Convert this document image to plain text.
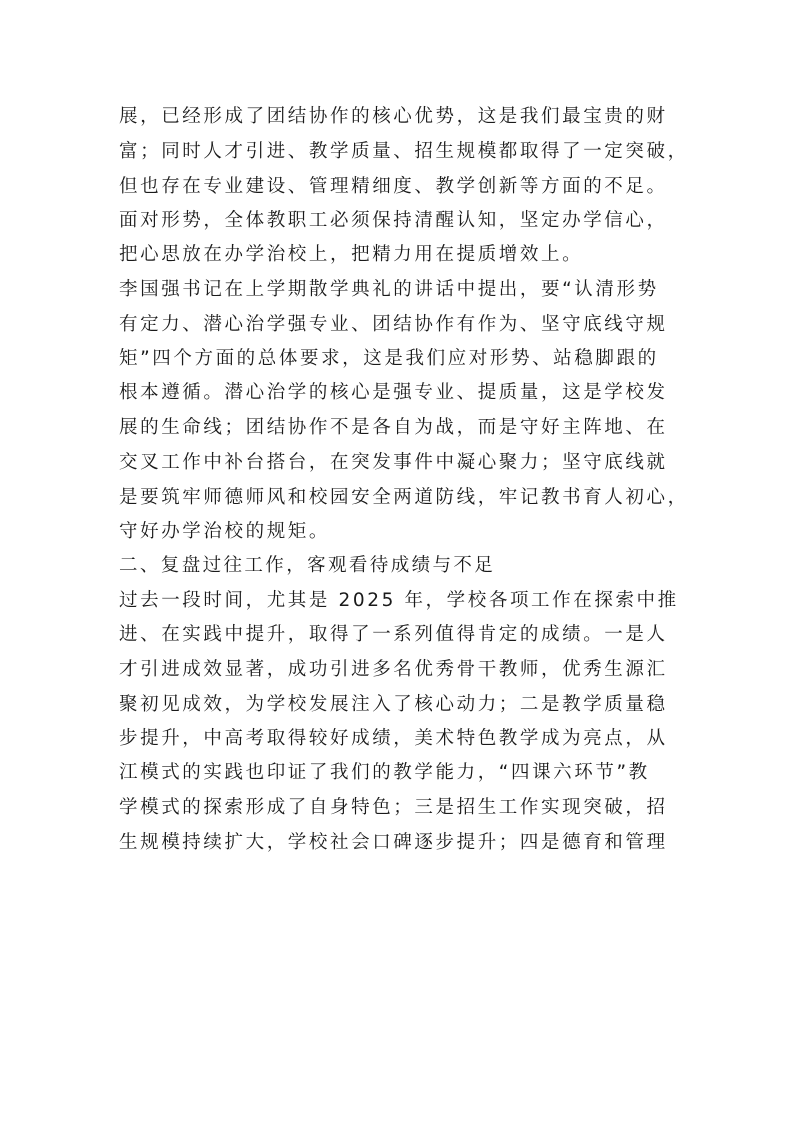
展，已经形成了团结协作的核心优势，这是我们最宝贵的财
富；同时人才引进、教学质量、招生规模都取得了一定突破，
但也存在专业建设、管理精细度、教学创新等方面的不足。
面对形势，全体教职工必须保持清醒认知，坚定办学信心，
把心思放在办学治校上，把精力用在提质增效上。
李国强书记在上学期散学典礼的讲话中提出，要“认清形势
有定力、潜心治学强专业、团结协作有作为、坚守底线守规
矩”四个方面的总体要求，这是我们应对形势、站稳脚跟的
根本遵循。潜心治学的核心是强专业、提质量，这是学校发
展的生命线；团结协作不是各自为战，而是守好主阵地、在
交叉工作中补台搭台，在突发事件中凝心聚力；坚守底线就
是要筑牢师德师风和校园安全两道防线，牢记教书育人初心，
守好办学治校的规矩。
二、复盘过往工作，客观看待成绩与不足
过去一段时间，尤其是 2025 年，学校各项工作在探索中推
进、在实践中提升，取得了一系列值得肯定的成绩。一是人
才引进成效显著，成功引进多名优秀骨干教师，优秀生源汇
聚初见成效，为学校发展注入了核心动力；二是教学质量稳
步提升，中高考取得较好成绩，美术特色教学成为亮点，从
江模式的实践也印证了我们的教学能力，“四课六环节”教
学模式的探索形成了自身特色；三是招生工作实现突破，招
生规模持续扩大，学校社会口碑逐步提升；四是德育和管理
